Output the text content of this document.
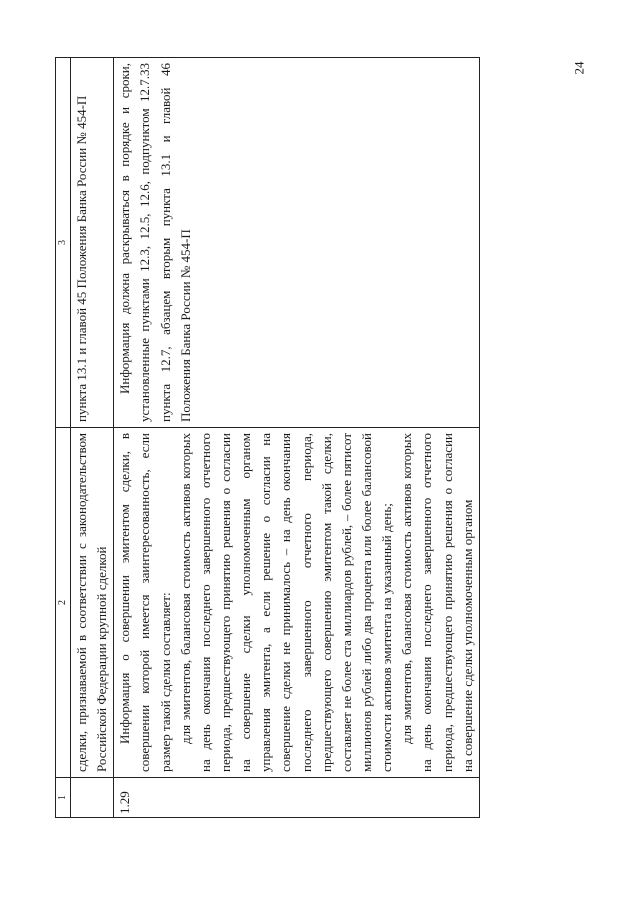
1	2	3
	сделки, признаваемой в соответствии с законодательством Российской Федерации крупной сделкой	пункта 13.1 и главой 45 Положения Банка России № 454-П
1.29	Информация о совершении эмитентом сделки, в совершении которой имеется заинтересованность, если размер такой сделки составляет: для эмитентов, балансовая стоимость активов которых на день окончания последнего завершенного отчетного периода, предшествующего принятию решения о согласии на совершение сделки уполномоченным органом управления эмитента, а если решение о согласии на совершение сделки не принималось – на день окончания последнего завершенного отчетного периода, предшествующего совершению эмитентом такой сделки, составляет не более ста миллиардов рублей, – более пятисот миллионов рублей либо два процента или более балансовой стоимости активов эмитента на указанный день; для эмитентов, балансовая стоимость активов которых на день окончания последнего завершенного отчетного периода, предшествующего принятию решения о согласии на совершение сделки уполномоченным органом	Информация должна раскрываться в порядке и сроки, установленные пунктами 12.3, 12.5, 12.6, подпунктом 12.7.33 пункта 12.7, абзацем вторым пункта 13.1 и главой 46 Положения Банка России № 454-П

24
